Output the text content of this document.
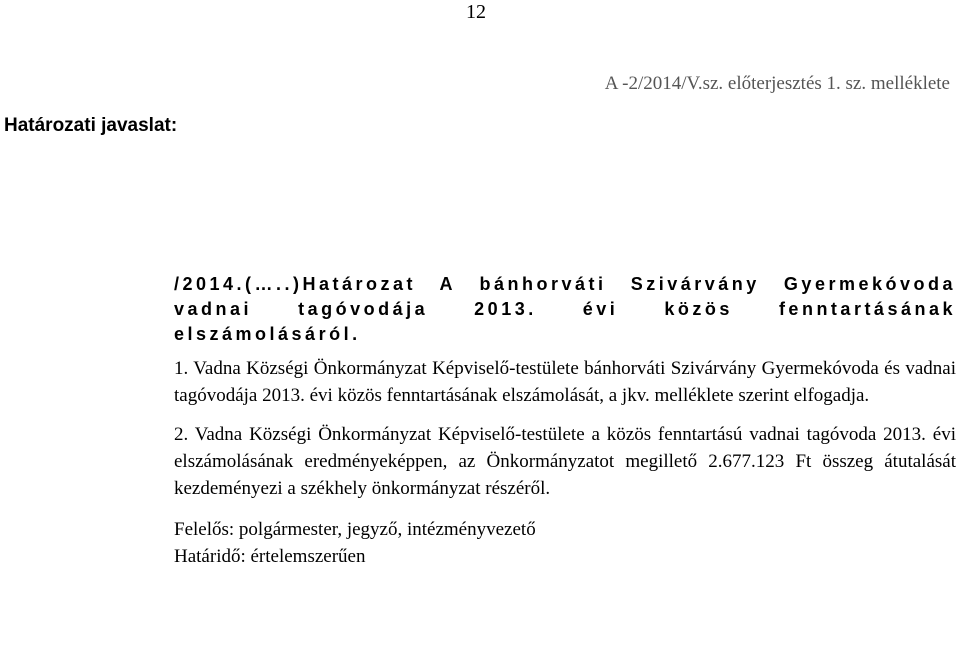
12
A -2/2014/V.sz. előterjesztés 1. sz. melléklete
Határozati javaslat:
/2014.(…..)Határozat A bánhorváti Szivárvány Gyermekóvoda vadnai tagóvodája 2013. évi közös fenntartásának elszámolásáról.

1. Vadna Községi Önkormányzat Képviselő-testülete bánhorváti Szivárvány Gyermekóvoda és vadnai tagóvodája 2013. évi közös fenntartásának elszámolását, a jkv. melléklete szerint elfogadja.

2. Vadna Községi Önkormányzat Képviselő-testülete a közös fenntartású vadnai tagóvoda 2013. évi elszámolásának eredményeképpen, az Önkormányzatot megillető 2.677.123 Ft összeg átutalását kezdeményezi a székhely önkormányzat részéről.

Felelős: polgármester, jegyző, intézményvezető

Határidő: értelemszerűen
